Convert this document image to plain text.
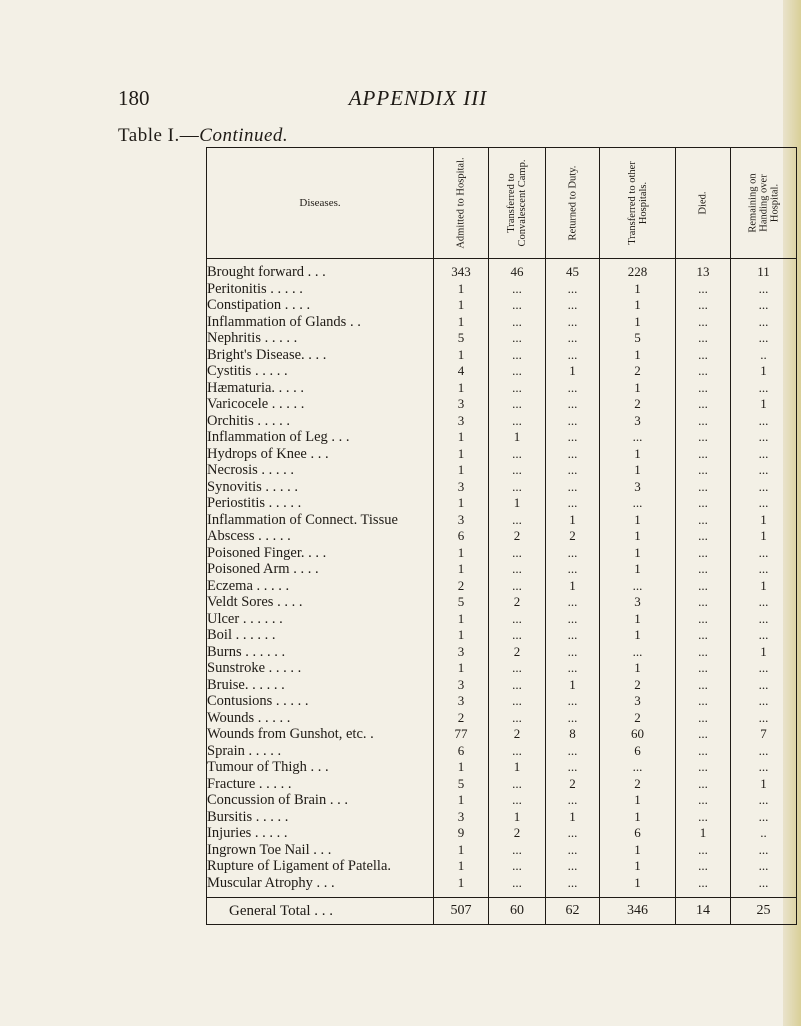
180	APPENDIX III
Table I.—Continued.
Diseases.	Admitted to Hospital.	Transferred to Convalescent Camp.	Returned to Duty.	Transferred to other Hospitals.	Died.	Remaining on Handing over Hospital.

Brought forward . . .	343	46	45	228	13	11
Peritonitis . . . . .	1	...	...	1	...	...
Constipation . . . .	1	...	...	1	...	...
Inflammation of Glands . .	1	...	...	1	...	...
Nephritis . . . . .	5	...	...	5	...	...
Bright's Disease. . . .	1	...	...	1	...	..
Cystitis . . . . .	4	...	1	2	...	1
Hæmaturia. . . . .	1	...	...	1	...	...
Varicocele . . . . .	3	...	...	2	...	1
Orchitis . . . . .	3	...	...	3	...	...
Inflammation of Leg . . .	1	1	...	...	...	...
Hydrops of Knee . . .	1	...	...	1	...	...
Necrosis . . . . .	1	...	...	1	...	...
Synovitis . . . . .	3	...	...	3	...	...
Periostitis . . . . .	1	1	...	...	...	...
Inflammation of Connect. Tissue	3	...	1	1	...	1
Abscess . . . . .	6	2	2	1	...	1
Poisoned Finger. . . .	1	...	...	1	...	...
Poisoned Arm . . . .	1	...	...	1	...	...
Eczema . . . . .	2	...	1	...	...	1
Veldt Sores . . . .	5	2	...	3	...	...
Ulcer . . . . . .	1	...	...	1	...	...
Boil . . . . . .	1	...	...	1	...	...
Burns . . . . . .	3	2	...	...	...	1
Sunstroke . . . . .	1	...	...	1	...	...
Bruise. . . . . .	3	...	1	2	...	...
Contusions . . . . .	3	...	...	3	...	...
Wounds . . . . .	2	...	...	2	...	...
Wounds from Gunshot, etc. .	77	2	8	60	...	7
Sprain . . . . .	6	...	...	6	...	...
Tumour of Thigh . . .	1	1	...	...	...	...
Fracture . . . . .	5	...	2	2	...	1
Concussion of Brain . . .	1	...	...	1	...	...
Bursitis . . . . .	3	1	1	1	...	...
Injuries . . . . .	9	2	...	6	1	..
Ingrown Toe Nail . . .	1	...	...	1	...	...
Rupture of Ligament of Patella.	1	...	...	1	...	...
Muscular Atrophy . . .	1	...	...	1	...	...
General Total . . .	507	60	62	346	14	25
